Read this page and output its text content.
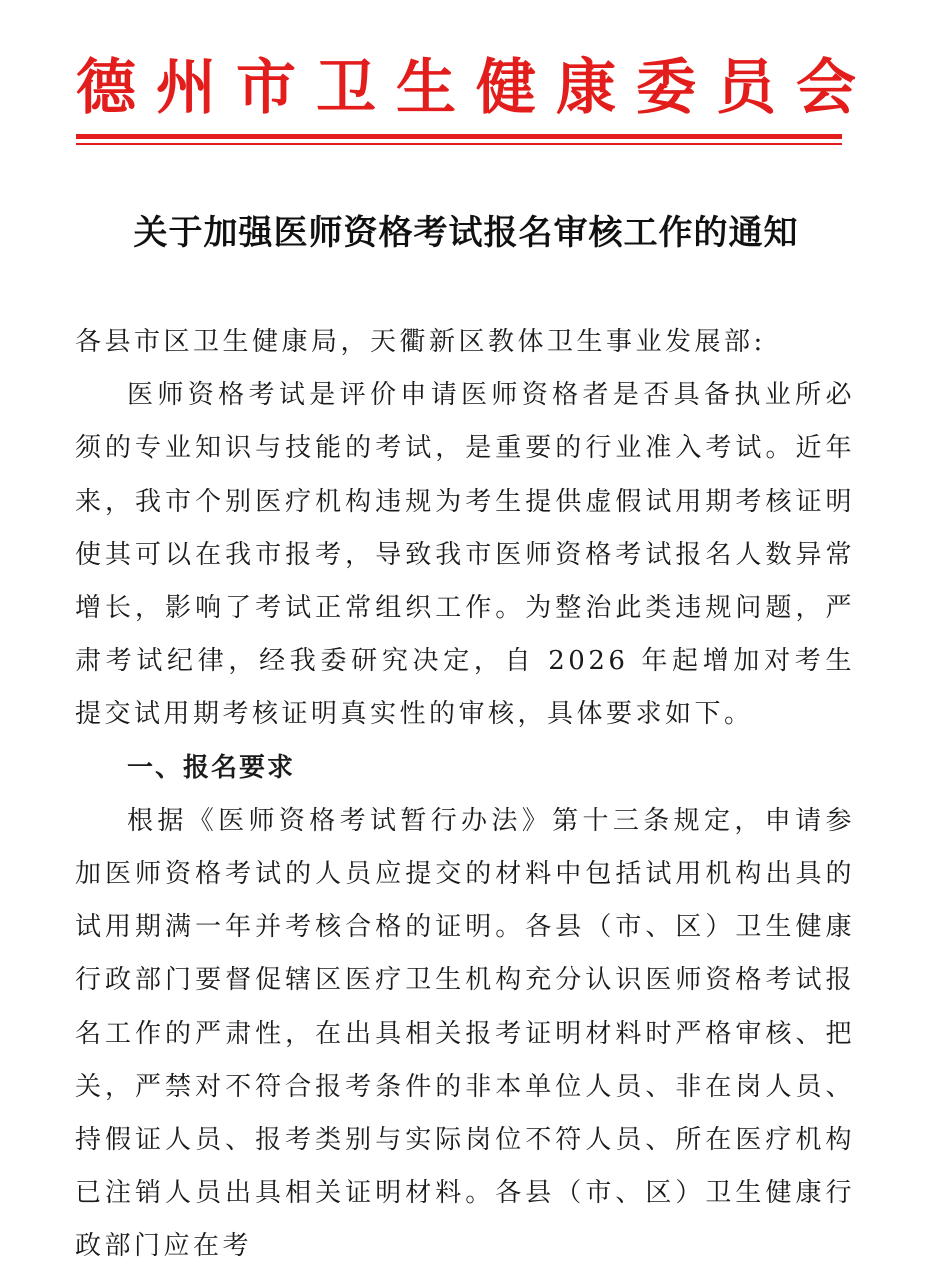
德州市卫生健康委员会
关于加强医师资格考试报名审核工作的通知

各县市区卫生健康局，天衢新区教体卫生事业发展部:

医师资格考试是评价申请医师资格者是否具备执业所必须的专业知识与技能的考试，是重要的行业准入考试。近年来，我市个别医疗机构违规为考生提供虚假试用期考核证明使其可以在我市报考，导致我市医师资格考试报名人数异常增长，影响了考试正常组织工作。为整治此类违规问题，严肃考试纪律，经我委研究决定，自 2026 年起增加对考生提交试用期考核证明真实性的审核，具体要求如下。

一、报名要求

根据《医师资格考试暂行办法》第十三条规定，申请参加医师资格考试的人员应提交的材料中包括试用机构出具的试用期满一年并考核合格的证明。各县（市、区）卫生健康行政部门要督促辖区医疗卫生机构充分认识医师资格考试报名工作的严肃性，在出具相关报考证明材料时严格审核、把关，严禁对不符合报考条件的非本单位人员、非在岗人员、持假证人员、报考类别与实际岗位不符人员、所在医疗机构已注销人员出具相关证明材料。各县（市、区）卫生健康行政部门应在考
